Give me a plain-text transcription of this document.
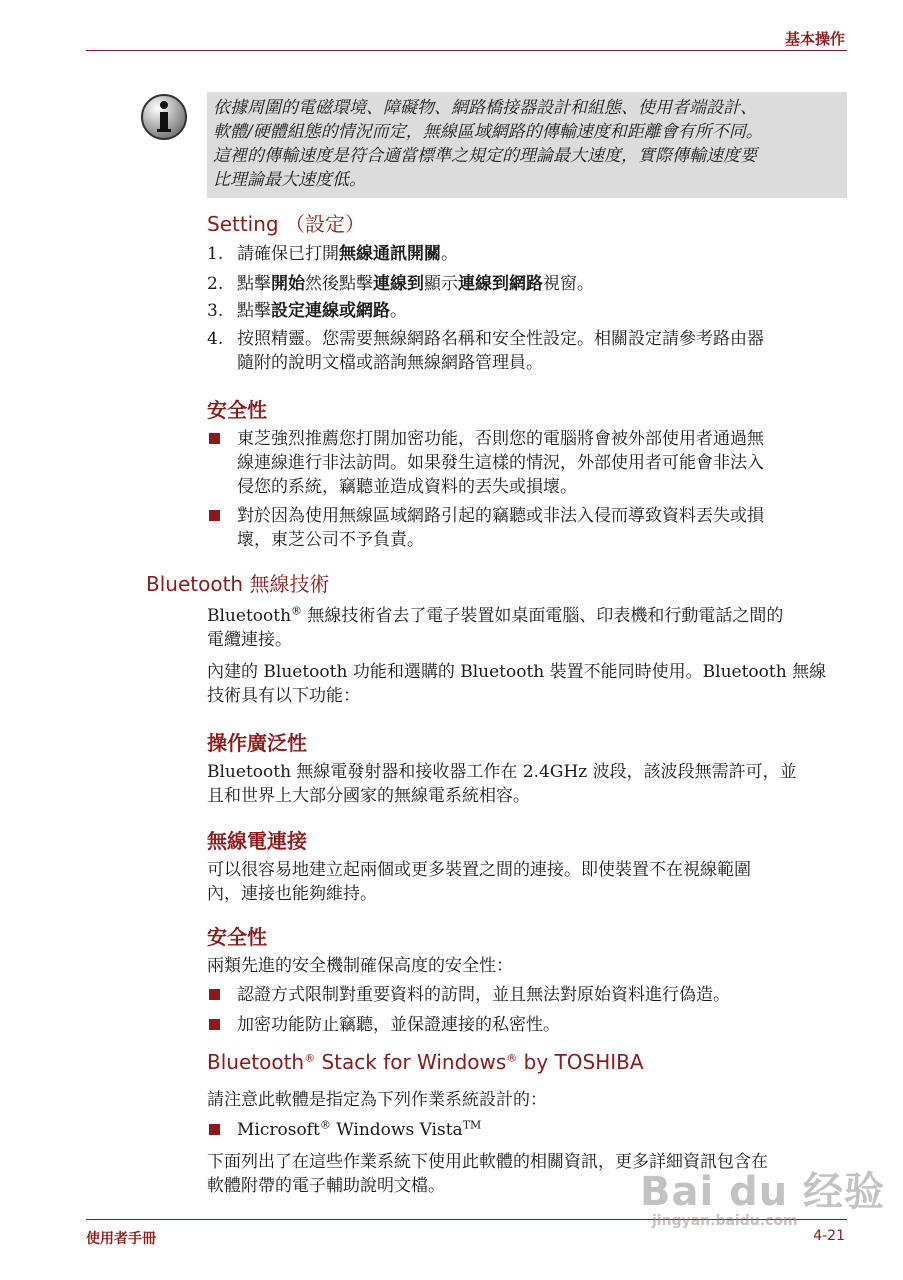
基本操作
依據周圍的電磁環境、障礙物、網路橋接器設計和組態、使用者端設計、
軟體/硬體組態的情況而定，無線區域網路的傳輸速度和距離會有所不同。
這裡的傳輸速度是符合適當標準之規定的理論最大速度，實際傳輸速度要
比理論最大速度低。
Setting （設定）
1. 請確保已打開無線通訊開關。
2. 點擊開始然後點擊連線到顯示連線到網路視窗。
3. 點擊設定連線或網路。
4. 按照精靈。您需要無線網路名稱和安全性設定。相關設定請參考路由器
隨附的說明文檔或諮詢無線網路管理員。
安全性
東芝強烈推薦您打開加密功能，否則您的電腦將會被外部使用者通過無
線連線進行非法訪問。如果發生這樣的情況，外部使用者可能會非法入
侵您的系統，竊聽並造成資料的丟失或損壞。
對於因為使用無線區域網路引起的竊聽或非法入侵而導致資料丟失或損
壞，東芝公司不予負責。
Bluetooth 無線技術
Bluetooth® 無線技術省去了電子裝置如桌面電腦、印表機和行動電話之間的
電纜連接。
內建的 Bluetooth 功能和選購的 Bluetooth 裝置不能同時使用。Bluetooth 無線
技術具有以下功能：
操作廣泛性
Bluetooth 無線電發射器和接收器工作在 2.4GHz 波段，該波段無需許可，並
且和世界上大部分國家的無線電系統相容。
無線電連接
可以很容易地建立起兩個或更多裝置之間的連接。即使裝置不在視線範圍
內，連接也能夠維持。
安全性
兩類先進的安全機制確保高度的安全性：
認證方式限制對重要資料的訪問，並且無法對原始資料進行偽造。
加密功能防止竊聽，並保證連接的私密性。
Bluetooth® Stack for Windows® by TOSHIBA
請注意此軟體是指定為下列作業系統設計的：
Microsoft® Windows Vista™
下面列出了在這些作業系統下使用此軟體的相關資訊，更多詳細資訊包含在
軟體附帶的電子輔助說明文檔。
使用者手冊	4-21
Bai du 经验
jingyan.baidu.com
